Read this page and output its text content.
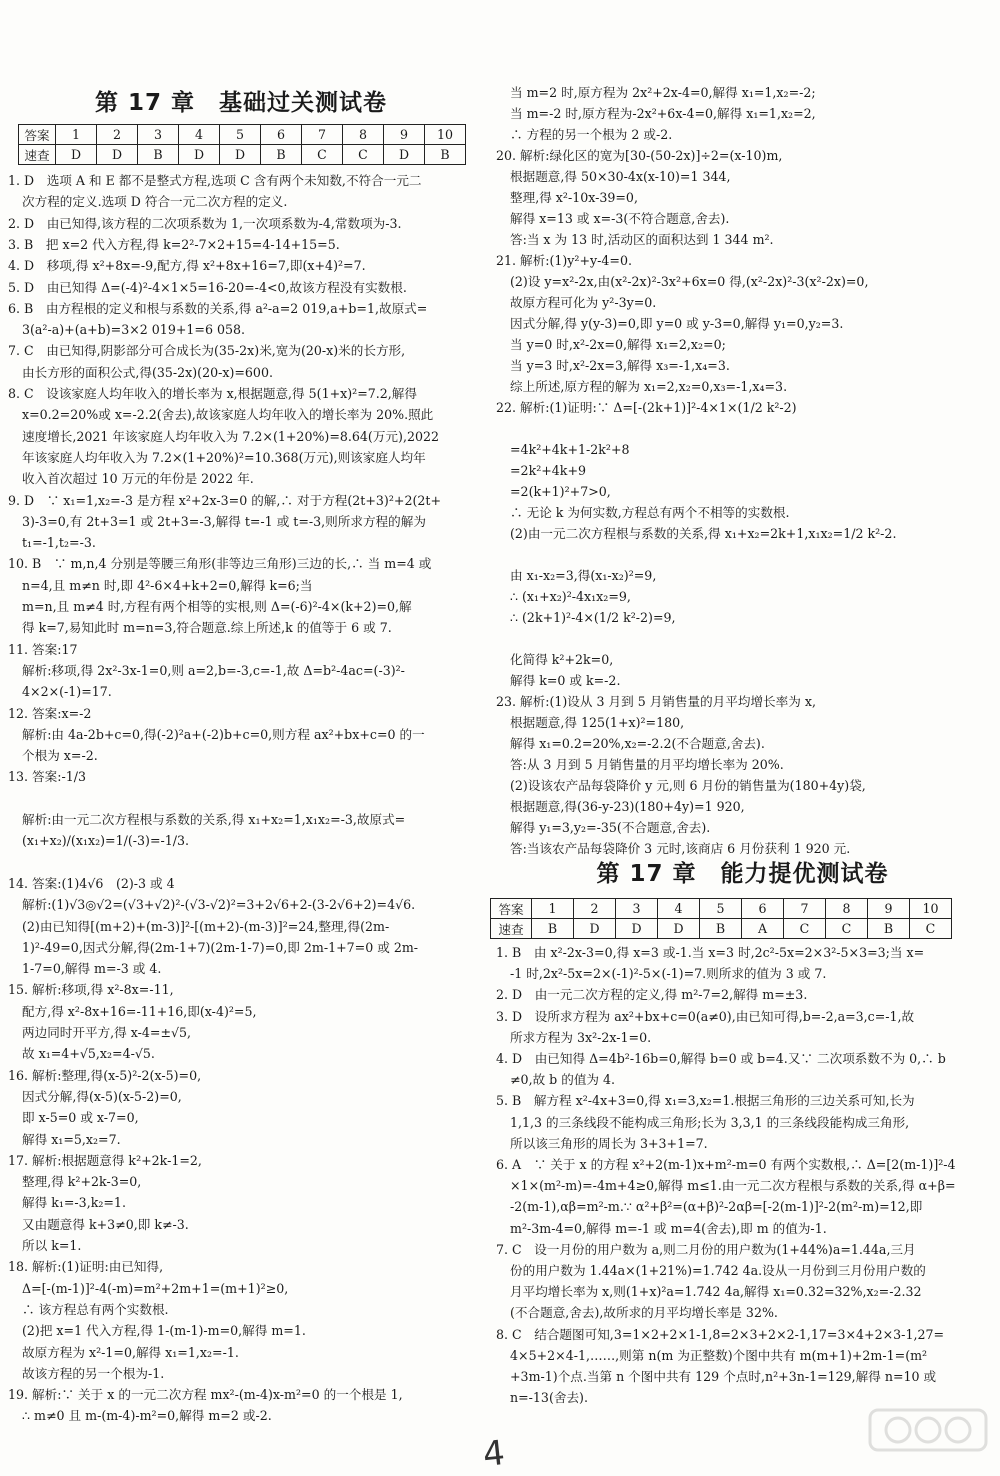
第 17 章　基础过关测试卷
答案	1	2	3	4	5	6	7	8	9	10
速查	D	D	B	D	D	B	C	C	D	B
1. D　选项 A 和 E 都不是整式方程,选项 C 含有两个未知数,不符合一元二
次方程的定义.选项 D 符合一元二次方程的定义.
2. D　由已知得,该方程的二次项系数为 1,一次项系数为-4,常数项为-3.
3. B　把 x=2 代入方程,得 k=2²-7×2+15=4-14+15=5.
4. D　移项,得 x²+8x=-9,配方,得 x²+8x+16=7,即(x+4)²=7.
5. D　由已知得 Δ=(-4)²-4×1×5=16-20=-4<0,故该方程没有实数根.
6. B　由方程根的定义和根与系数的关系,得 a²-a=2 019,a+b=1,故原式=
3(a²-a)+(a+b)=3×2 019+1=6 058.
7. C　由已知得,阴影部分可合成长为(35-2x)米,宽为(20-x)米的长方形,
由长方形的面积公式,得(35-2x)(20-x)=600.
8. C　设该家庭人均年收入的增长率为 x,根据题意,得 5(1+x)²=7.2,解得
x=0.2=20%或 x=-2.2(舍去),故该家庭人均年收入的增长率为 20%.照此
速度增长,2021 年该家庭人均年收入为 7.2×(1+20%)=8.64(万元),2022
年该家庭人均年收入为 7.2×(1+20%)²=10.368(万元),则该家庭人均年
收入首次超过 10 万元的年份是 2022 年.
9. D　∵ x₁=1,x₂=-3 是方程 x²+2x-3=0 的解,∴ 对于方程(2t+3)²+2(2t+
3)-3=0,有 2t+3=1 或 2t+3=-3,解得 t=-1 或 t=-3,则所求方程的解为
t₁=-1,t₂=-3.
10. B　∵ m,n,4 分别是等腰三角形(非等边三角形)三边的长,∴ 当 m=4 或
n=4,且 m≠n 时,即 4²-6×4+k+2=0,解得 k=6;当
m=n,且 m≠4 时,方程有两个相等的实根,则 Δ=(-6)²-4×(k+2)=0,解
得 k=7,易知此时 m=n=3,符合题意.综上所述,k 的值等于 6 或 7.
11. 答案:17
解析:移项,得 2x²-3x-1=0,则 a=2,b=-3,c=-1,故 Δ=b²-4ac=(-3)²-
4×2×(-1)=17.
12. 答案:x=-2
解析:由 4a-2b+c=0,得(-2)²a+(-2)b+c=0,则方程 ax²+bx+c=0 的一
个根为 x=-2.
13. 答案:-1/3
解析:由一元二次方程根与系数的关系,得 x₁+x₂=1,x₁x₂=-3,故原式=
(x₁+x₂)/(x₁x₂)=1/(-3)=-1/3.
14. 答案:(1)4√6　(2)-3 或 4
解析:(1)√3◎√2=(√3+√2)²-(√3-√2)²=3+2√6+2-(3-2√6+2)=4√6.
(2)由已知得[(m+2)+(m-3)]²-[(m+2)-(m-3)]²=24,整理,得(2m-
1)²-49=0,因式分解,得(2m-1+7)(2m-1-7)=0,即 2m-1+7=0 或 2m-
1-7=0,解得 m=-3 或 4.
15. 解析:移项,得 x²-8x=-11,
配方,得 x²-8x+16=-11+16,即(x-4)²=5,
两边同时开平方,得 x-4=±√5,
故 x₁=4+√5,x₂=4-√5.
16. 解析:整理,得(x-5)²-2(x-5)=0,
因式分解,得(x-5)(x-5-2)=0,
即 x-5=0 或 x-7=0,
解得 x₁=5,x₂=7.
17. 解析:根据题意得 k²+2k-1=2,
整理,得 k²+2k-3=0,
解得 k₁=-3,k₂=1.
又由题意得 k+3≠0,即 k≠-3.
所以 k=1.
18. 解析:(1)证明:由已知得,
Δ=[-(m-1)]²-4(-m)=m²+2m+1=(m+1)²≥0,
∴ 该方程总有两个实数根.
(2)把 x=1 代入方程,得 1-(m-1)-m=0,解得 m=1.
故原方程为 x²-1=0,解得 x₁=1,x₂=-1.
故该方程的另一个根为-1.
19. 解析:∵ 关于 x 的一元二次方程 mx²-(m-4)x-m²=0 的一个根是 1,
∴ m≠0 且 m-(m-4)-m²=0,解得 m=2 或-2.
当 m=2 时,原方程为 2x²+2x-4=0,解得 x₁=1,x₂=-2;
当 m=-2 时,原方程为-2x²+6x-4=0,解得 x₁=1,x₂=2,
∴ 方程的另一个根为 2 或-2.
20. 解析:绿化区的宽为[30-(50-2x)]÷2=(x-10)m,
根据题意,得 50×30-4x(x-10)=1 344,
整理,得 x²-10x-39=0,
解得 x=13 或 x=-3(不符合题意,舍去).
答:当 x 为 13 时,活动区的面积达到 1 344 m².
21. 解析:(1)y²+y-4=0.
(2)设 y=x²-2x,由(x²-2x)²-3x²+6x=0 得,(x²-2x)²-3(x²-2x)=0,
故原方程可化为 y²-3y=0.
因式分解,得 y(y-3)=0,即 y=0 或 y-3=0,解得 y₁=0,y₂=3.
当 y=0 时,x²-2x=0,解得 x₁=2,x₂=0;
当 y=3 时,x²-2x=3,解得 x₃=-1,x₄=3.
综上所述,原方程的解为 x₁=2,x₂=0,x₃=-1,x₄=3.
22. 解析:(1)证明:∵ Δ=[-(2k+1)]²-4×1×(1/2 k²-2)
=4k²+4k+1-2k²+8
=2k²+4k+9
=2(k+1)²+7>0,
∴ 无论 k 为何实数,方程总有两个不相等的实数根.
(2)由一元二次方程根与系数的关系,得 x₁+x₂=2k+1,x₁x₂=1/2 k²-2.
由 x₁-x₂=3,得(x₁-x₂)²=9,
∴ (x₁+x₂)²-4x₁x₂=9,
∴ (2k+1)²-4×(1/2 k²-2)=9,
化简得 k²+2k=0,
解得 k=0 或 k=-2.
23. 解析:(1)设从 3 月到 5 月销售量的月平均增长率为 x,
根据题意,得 125(1+x)²=180,
解得 x₁=0.2=20%,x₂=-2.2(不合题意,舍去).
答:从 3 月到 5 月销售量的月平均增长率为 20%.
(2)设该农产品每袋降价 y 元,则 6 月份的销售量为(180+4y)袋,
根据题意,得(36-y-23)(180+4y)=1 920,
解得 y₁=3,y₂=-35(不合题意,舍去).
答:当该农产品每袋降价 3 元时,该商店 6 月份获利 1 920 元.
第 17 章　能力提优测试卷
答案	1	2	3	4	5	6	7	8	9	10
速查	B	D	D	D	B	A	C	C	B	C
1. B　由 x²-2x-3=0,得 x=3 或-1.当 x=3 时,2c²-5x=2×3²-5×3=3;当 x=
-1 时,2x²-5x=2×(-1)²-5×(-1)=7.则所求的值为 3 或 7.
2. D　由一元二次方程的定义,得 m²-7=2,解得 m=±3.
3. D　设所求方程为 ax²+bx+c=0(a≠0),由已知可得,b=-2,a=3,c=-1,故
所求方程为 3x²-2x-1=0.
4. D　由已知得 Δ=4b²-16b=0,解得 b=0 或 b=4.又∵ 二次项系数不为 0,∴ b
≠0,故 b 的值为 4.
5. B　解方程 x²-4x+3=0,得 x₁=3,x₂=1.根据三角形的三边关系可知,长为
1,1,3 的三条线段不能构成三角形;长为 3,3,1 的三条线段能构成三角形,
所以该三角形的周长为 3+3+1=7.
6. A　∵ 关于 x 的方程 x²+2(m-1)x+m²-m=0 有两个实数根,∴ Δ=[2(m-1)]²-4
×1×(m²-m)=-4m+4≥0,解得 m≤1.由一元二次方程根与系数的关系,得 α+β=
-2(m-1),αβ=m²-m.∵ α²+β²=(α+β)²-2αβ=[-2(m-1)]²-2(m²-m)=12,即
m²-3m-4=0,解得 m=-1 或 m=4(舍去),即 m 的值为-1.
7. C　设一月份的用户数为 a,则二月份的用户数为(1+44%)a=1.44a,三月
份的用户数为 1.44a×(1+21%)=1.742 4a.设从一月份到三月份用户数的
月平均增长率为 x,则(1+x)²a=1.742 4a,解得 x₁=0.32=32%,x₂=-2.32
(不合题意,舍去),故所求的月平均增长率是 32%.
8. C　结合题图可知,3=1×2+2×1-1,8=2×3+2×2-1,17=3×4+2×3-1,27=
4×5+2×4-1,……,则第 n(m 为正整数)个图中共有 m(m+1)+2m-1=(m²
+3m-1)个点.当第 n 个图中共有 129 个点时,n²+3n-1=129,解得 n=10 或
n=-13(舍去).
4
